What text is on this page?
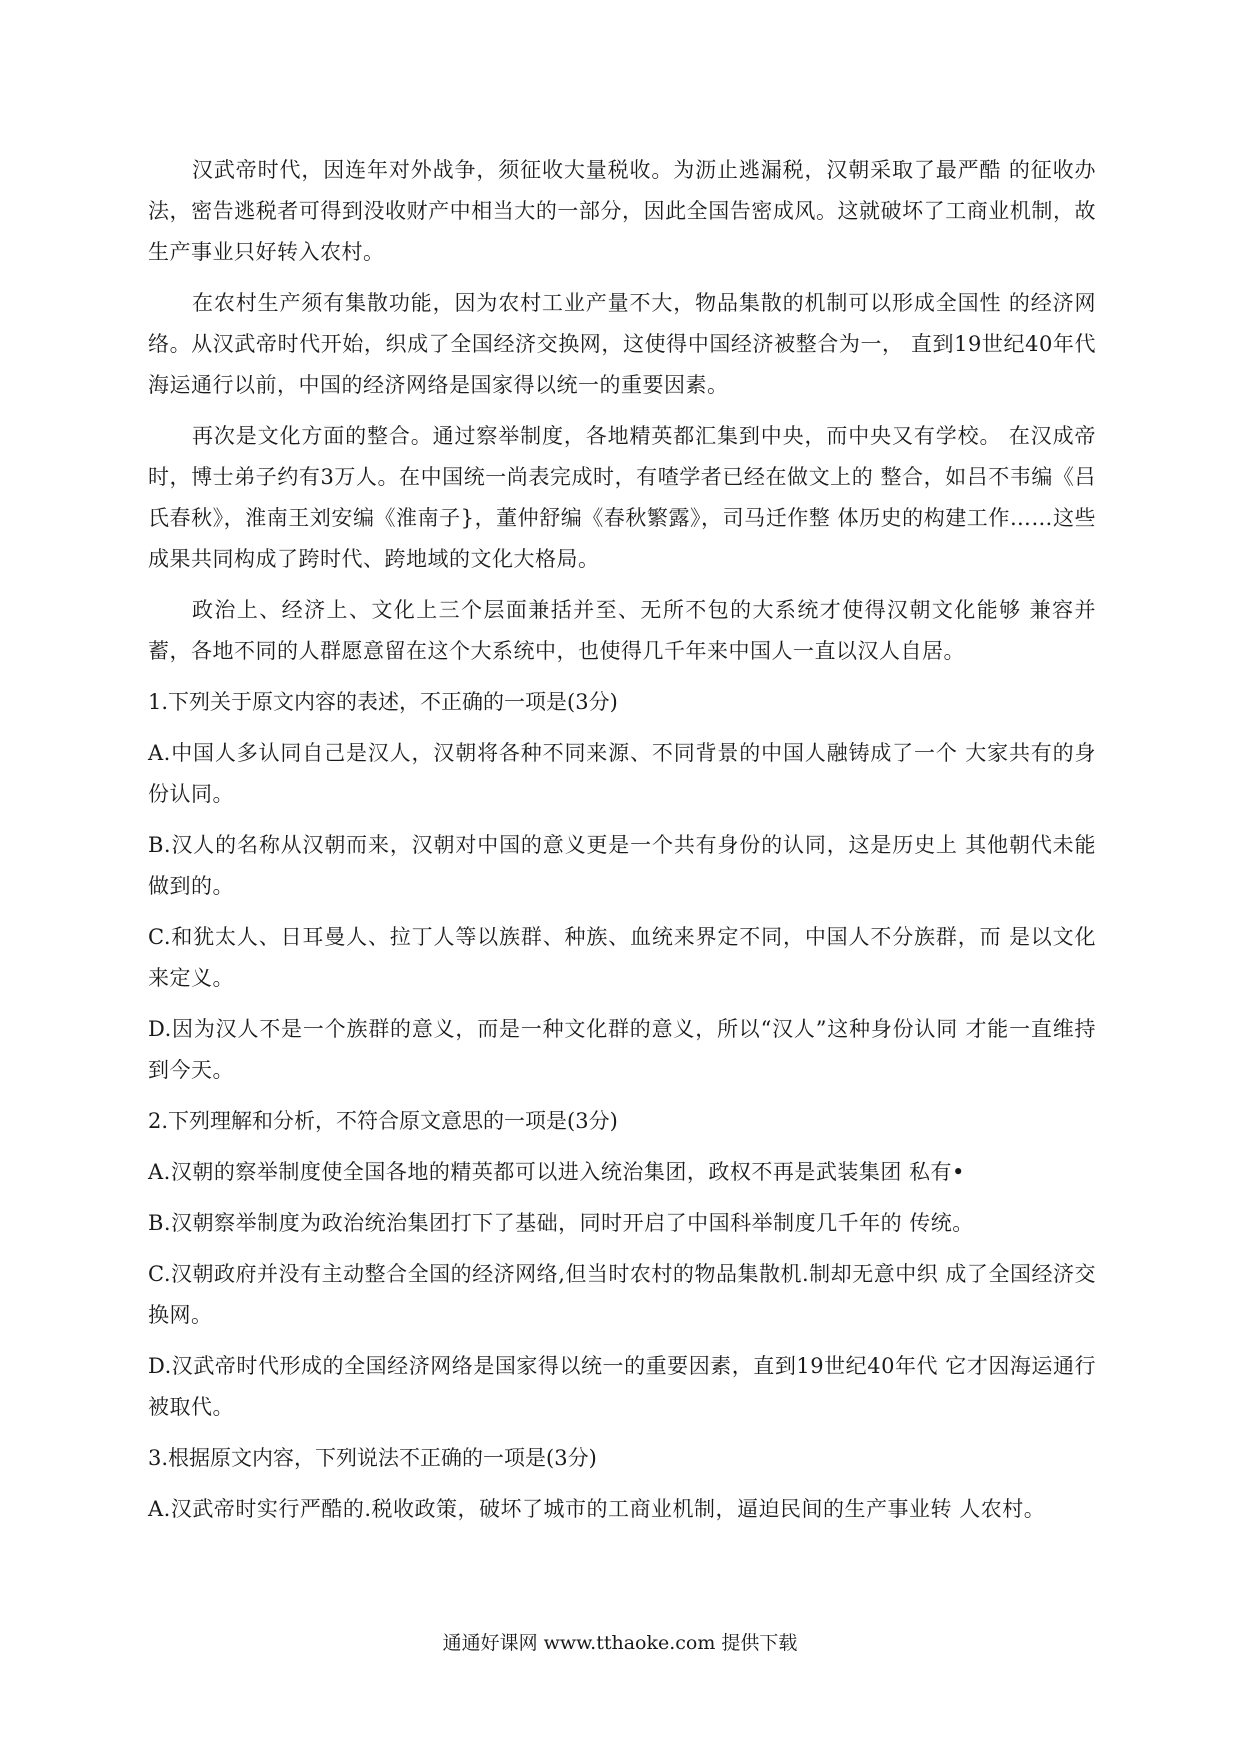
汉武帝时代，因连年对外战争，须征收大量税收。为沥止逃漏税，汉朝采取了最严酷 的征收办法，密告逃税者可得到没收财产中相当大的一部分，因此全国告密成风。这就破坏了工商业机制，故生产事业只好转入农村。

在农村生产须有集散功能，因为农村工业产量不大，物品集散的机制可以形成全国性 的经济网络。从汉武帝时代开始，织成了全国经济交换网，这使得中国经济被整合为一， 直到19世纪40年代海运通行以前，中国的经济网络是国家得以统一的重要因素。

再次是文化方面的整合。通过察举制度，各地精英都汇集到中央，而中央又有学校。 在汉成帝时，博士弟子约有3万人。在中国统一尚表完成时，有喳学者已经在做文上的 整合，如吕不韦编《吕氏春秋》，淮南王刘安编《淮南子}，董仲舒编《春秋繁露》，司马迁作整 体历史的构建工作……这些成果共同构成了跨时代、跨地域的文化大格局。

政治上、经济上、文化上三个层面兼括并至、无所不包的大系统才使得汉朝文化能够 兼容并蓄，各地不同的人群愿意留在这个大系统中，也使得几千年来中国人一直以汉人自居。

1.下列关于原文内容的表述，不正确的一项是(3分)

A.中国人多认同自己是汉人，汉朝将各种不同来源、不同背景的中国人融铸成了一个 大家共有的身份认同。

B.汉人的名称从汉朝而来，汉朝对中国的意义更是一个共有身份的认同，这是历史上 其他朝代未能做到的。

C.和犹太人、日耳曼人、拉丁人等以族群、种族、血统来界定不同，中国人不分族群，而 是以文化来定义。

D.因为汉人不是一个族群的意义，而是一种文化群的意义，所以“汉人”这种身份认同 才能一直维持到今天。

2.下列理解和分析，不符合原文意思的一项是(3分)

A.汉朝的察举制度使全国各地的精英都可以进入统治集团，政权不再是武装集团 私有•

B.汉朝察举制度为政治统治集团打下了基础，同时开启了中国科举制度几千年的 传统。

C.汉朝政府并没有主动整合全国的经济网络,但当时农村的物品集散机.制却无意中织 成了全国经济交换网。

D.汉武帝时代形成的全国经济网络是国家得以统一的重要因素，直到19世纪40年代 它才因海运通行被取代。

3.根据原文内容，下列说法不正确的一项是(3分)

A.汉武帝时实行严酷的.税收政策，破坏了城市的工商业机制，逼迫民间的生产事业转 人农村。

通通好课网 www.tthaoke.com 提供下载
